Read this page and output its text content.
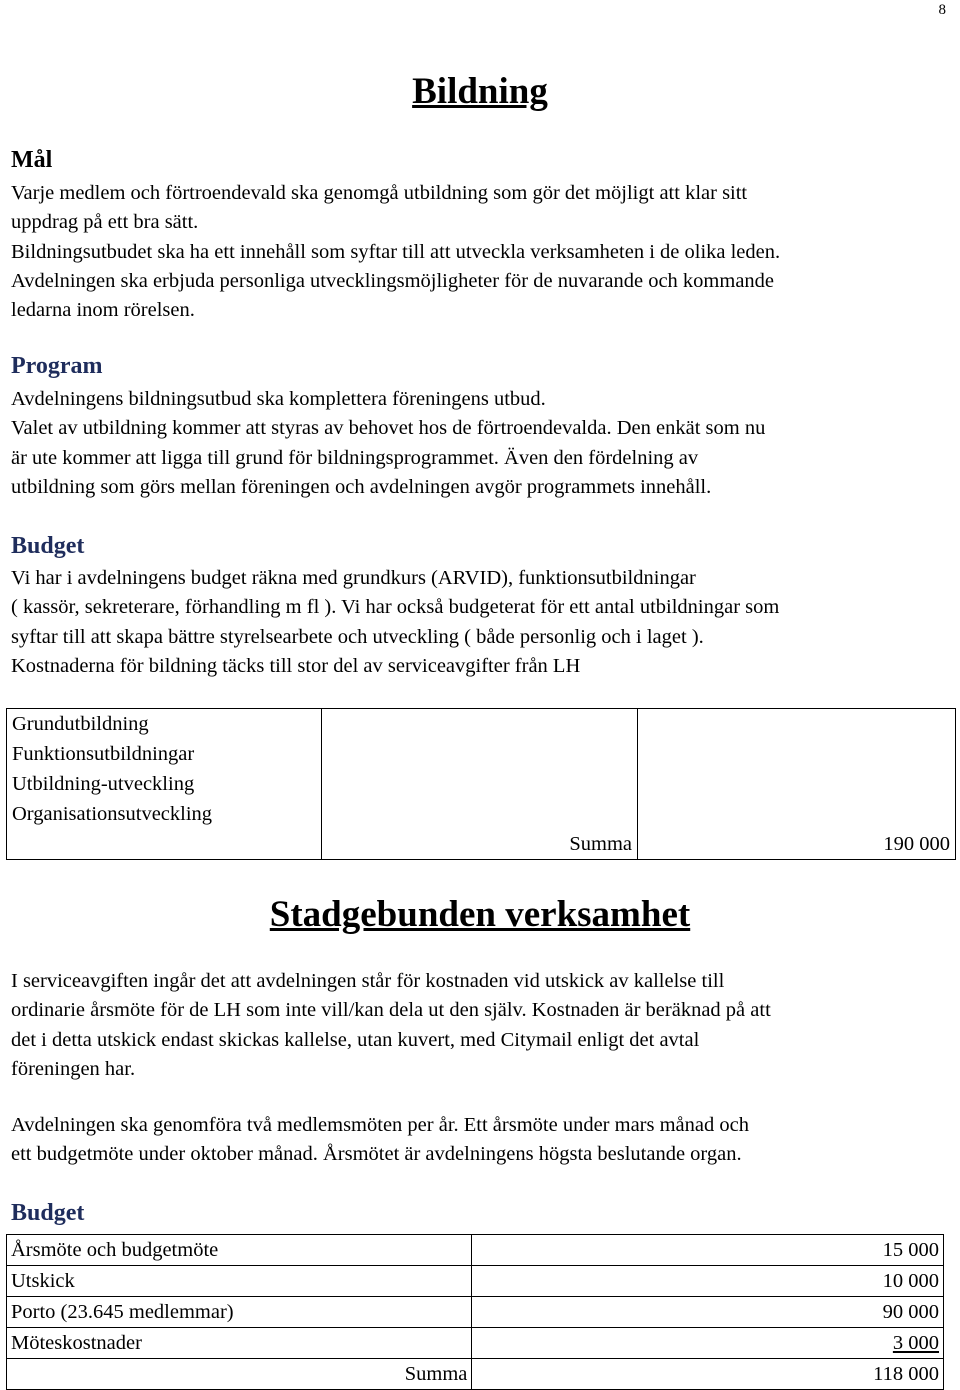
8
Bildning
Mål

Varje medlem och förtroendevald ska genomgå utbildning som gör det möjligt att klar sitt

uppdrag på ett bra sätt.

Bildningsutbudet ska ha ett innehåll som syftar till att utveckla verksamheten i de olika leden.

Avdelningen ska erbjuda personliga utvecklingsmöjligheter för de nuvarande och kommande

ledarna inom rörelsen.

Program

Avdelningens bildningsutbud ska komplettera föreningens utbud.

Valet av utbildning kommer att styras av behovet hos de förtroendevalda. Den enkät som nu

är ute kommer att ligga till grund för bildningsprogrammet. Även den fördelning av

utbildning som görs mellan föreningen och avdelningen avgör programmets innehåll.

Budget

Vi har i avdelningens budget räkna med grundkurs (ARVID), funktionsutbildningar

( kassör, sekreterare, förhandling m fl ). Vi har också budgeterat för ett antal utbildningar som

syftar till att skapa bättre styrelsearbete och utveckling ( både personlig och i laget ).

Kostnaderna för bildning täcks till stor del av serviceavgifter från LH

Grundutbildning		
Funktionsutbildningar		
Utbildning-utveckling		
Organisationsutveckling		
	Summa	190 000
Stadgebunden verksamhet

I serviceavgiften ingår det att avdelningen står för kostnaden vid utskick av kallelse till

ordinarie årsmöte för de LH som inte vill/kan dela ut den själv. Kostnaden är beräknad på att

det i detta utskick endast skickas kallelse, utan kuvert, med Citymail enligt det avtal

föreningen har.

Avdelningen ska genomföra två medlemsmöten per år. Ett årsmöte under mars månad och

ett budgetmöte under oktober månad. Årsmötet är avdelningens högsta beslutande organ.

Budget
Årsmöte och budgetmöte	15 000
Utskick	10 000
Porto (23.645 medlemmar)	90 000
Möteskostnader	3 000
Summa	118 000
